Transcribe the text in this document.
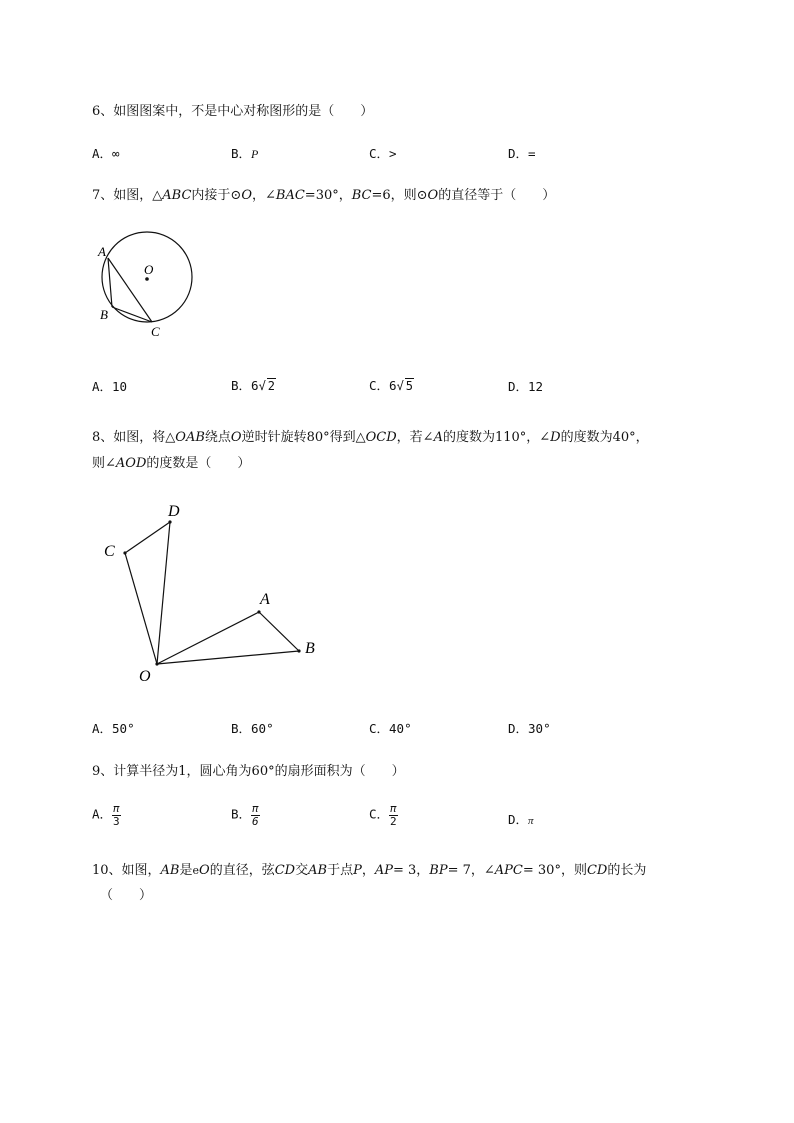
6、如图图案中，不是中心对称图形的是（　　）
A．∞	B．P	C．>	D．=
7、如图，△ABC内接于⊙O，∠BAC=30°，BC=6，则⊙O的直径等于（　　）
A
B
C
O
A．10	B．6√ 2	C．6√ 5	D．12
8、如图，将△OAB绕点O逆时针旋转80°得到△OCD，若∠A的度数为110°，∠D的度数为40°，
则∠AOD的度数是（　　）
D
C
A
B
O
A．50°	B．60°	C．40°	D．30°
9、计算半径为1，圆心角为60°的扇形面积为（　　）
A． $\frac{\pi}{3}$	B． $\frac{\pi}{6}$	C． $\frac{\pi}{2}$	D．π
10、如图，AB是eO的直径，弦CD交AB于点P，AP= 3，BP= 7，∠APC= 30°，则CD的长为
（　　）
